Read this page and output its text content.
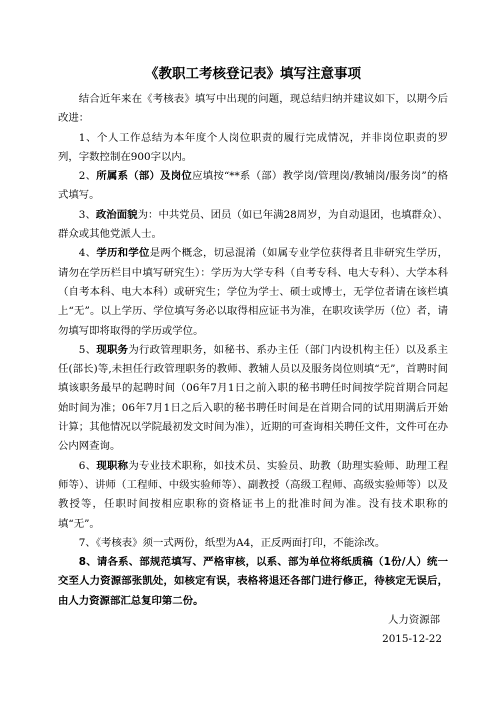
《教职工考核登记表》填写注意事项

结合近年来在《考核表》填写中出现的问题，现总结归纳并建议如下，以期今后改进：

1、个人工作总结为本年度个人岗位职责的履行完成情况，并非岗位职责的罗列，字数控制在900字以内。

2、所属系（部）及岗位应填按“**系（部）教学岗/管理岗/教辅岗/服务岗”的格式填写。

3、政治面貌为：中共党员、团员（如已年满28周岁，为自动退团，也填群众）、群众或其他党派人士。

4、学历和学位是两个概念，切忌混淆（如属专业学位获得者且非研究生学历，请勿在学历栏目中填写研究生）：学历为大学专科（自考专科、电大专科）、大学本科（自考本科、电大本科）或研究生；学位为学士、硕士或博士，无学位者请在该栏填上“无”。以上学历、学位填写务必以取得相应证书为准，在职攻读学历（位）者，请勿填写即将取得的学历或学位。

5、现职务为行政管理职务，如秘书、系办主任（部门内设机构主任）以及系主任(部长)等,未担任行政管理职务的教师、教辅人员以及服务岗位则填“无”，首聘时间填该职务最早的起聘时间（06年7月1日之前入职的秘书聘任时间按学院首期合同起始时间为准；06年7月1日之后入职的秘书聘任时间是在首期合同的试用期满后开始计算；其他情况以学院最初发文时间为准），近期的可查询相关聘任文件，文件可在办公内网查询。

6、现职称为专业技术职称，如技术员、实验员、助教（助理实验师、助理工程师等）、讲师（工程师、中级实验师等）、副教授（高级工程师、高级实验师等）以及教授等，任职时间按相应职称的资格证书上的批准时间为准。没有技术职称的填“无”。

7、《考核表》须一式两份，纸型为A4，正反两面打印，不能涂改。

8、请各系、部规范填写、严格审核，以系、部为单位将纸质稿（1份/人）统一交至人力资源部张凯处，如核定有误，表格将退还各部门进行修正，待核定无误后，由人力资源部汇总复印第二份。

人力资源部

2015-12-22
